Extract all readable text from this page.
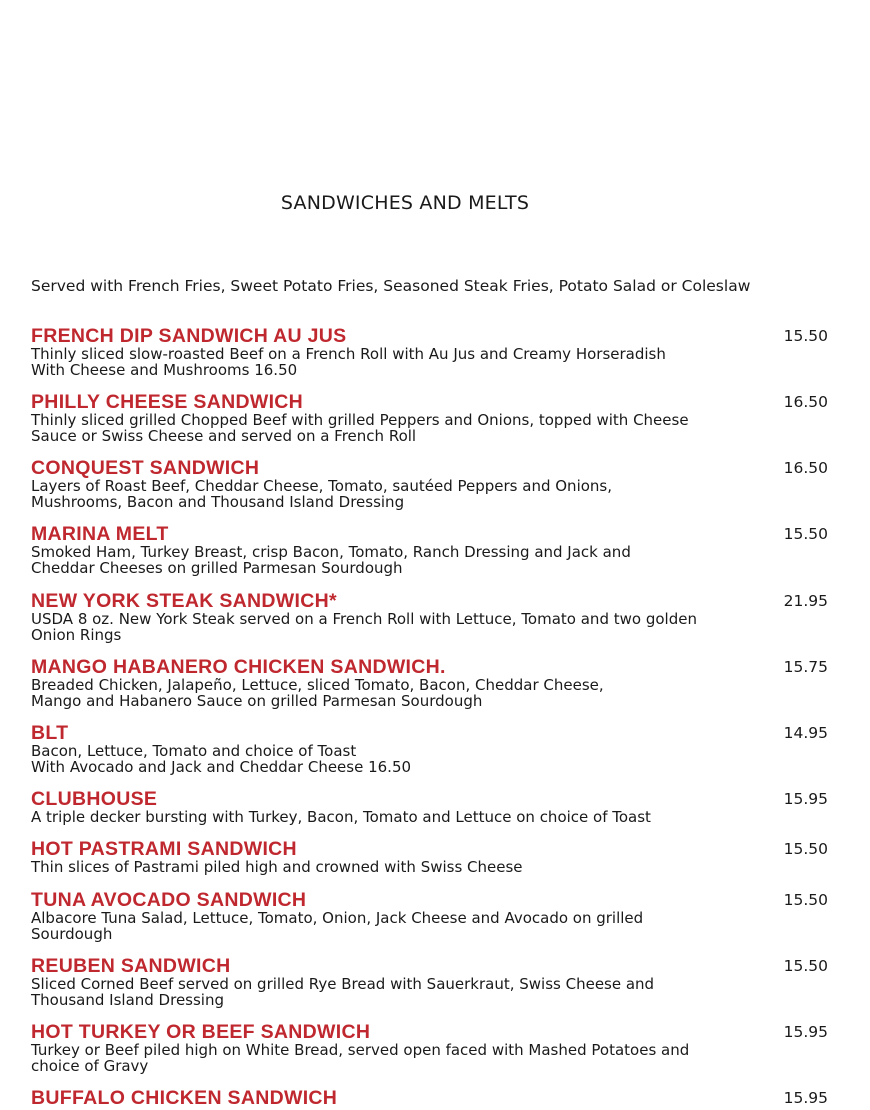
SANDWICHES AND MELTS

Served with French Fries, Sweet Potato Fries, Seasoned Steak Fries, Potato Salad or Coleslaw

FRENCH DIP SANDWICH AU JUS

Thinly sliced slow-roasted Beef on a French Roll with Au Jus and Creamy Horseradish
With Cheese and Mushrooms 16.50

15.50

PHILLY CHEESE SANDWICH

Thinly sliced grilled Chopped Beef with grilled Peppers and Onions, topped with Cheese
Sauce or Swiss Cheese and served on a French Roll

16.50

CONQUEST SANDWICH

Layers of Roast Beef, Cheddar Cheese, Tomato, sautéed Peppers and Onions,
Mushrooms, Bacon and Thousand Island Dressing

16.50

MARINA MELT

Smoked Ham, Turkey Breast, crisp Bacon, Tomato, Ranch Dressing and Jack and
Cheddar Cheeses on grilled Parmesan Sourdough

15.50

NEW YORK STEAK SANDWICH*

USDA 8 oz. New York Steak served on a French Roll with Lettuce, Tomato and two golden
Onion Rings

21.95

MANGO HABANERO CHICKEN SANDWICH.

Breaded Chicken, Jalapeño, Lettuce, sliced Tomato, Bacon, Cheddar Cheese,
Mango and Habanero Sauce on grilled Parmesan Sourdough

15.75

BLT

Bacon, Lettuce, Tomato and choice of Toast
With Avocado and Jack and Cheddar Cheese 16.50

14.95

CLUBHOUSE

A triple decker bursting with Turkey, Bacon, Tomato and Lettuce on choice of Toast

15.95

HOT PASTRAMI SANDWICH

Thin slices of Pastrami piled high and crowned with Swiss Cheese

15.50

TUNA AVOCADO SANDWICH

Albacore Tuna Salad, Lettuce, Tomato, Onion, Jack Cheese and Avocado on grilled
Sourdough

15.50

REUBEN SANDWICH

Sliced Corned Beef served on grilled Rye Bread with Sauerkraut, Swiss Cheese and
Thousand Island Dressing

15.50

HOT TURKEY OR BEEF SANDWICH

Turkey or Beef piled high on White Bread, served open faced with Mashed Potatoes and
choice of Gravy

15.95

BUFFALO CHICKEN SANDWICH	15.95
